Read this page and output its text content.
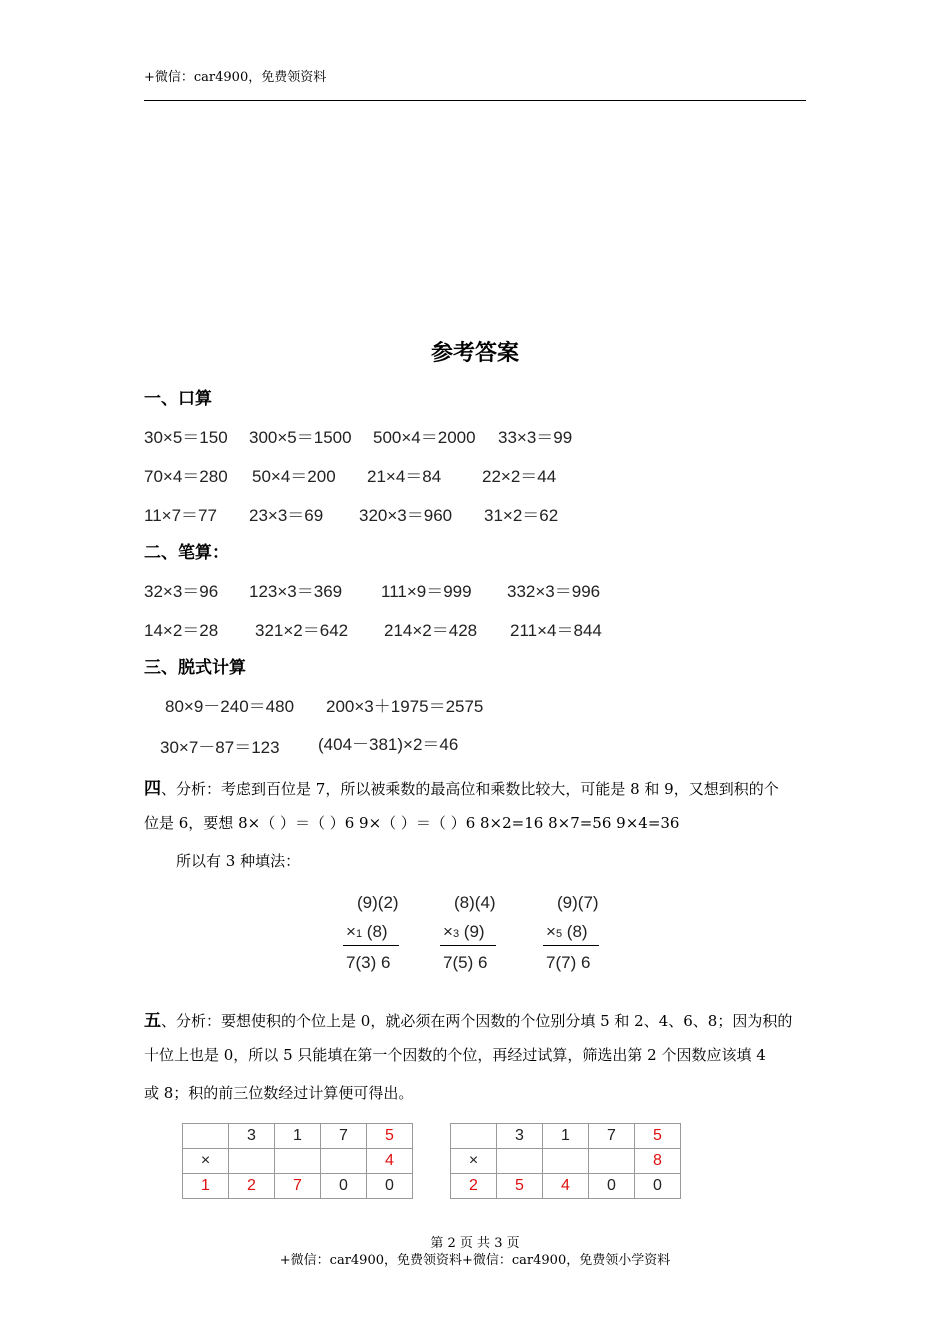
+微信：car4900，免费领资料
参考答案
一、口算
30×5＝150 300×5＝1500 500×4＝2000 33×3＝99
70×4＝280 50×4＝200 21×4＝84 22×2＝44
11×7＝77 23×3＝69 320×3＝960 31×2＝62
二、笔算：
32×3＝96 123×3＝369 111×9＝999 332×3＝996
14×2＝28 321×2＝642 214×2＝428 211×4＝844
三、脱式计算
80×9－240＝480 200×3＋1975＝2575
30×7－87＝123 (404－381)×2＝46
四、分析：考虑到百位是 7，所以被乘数的最高位和乘数比较大，可能是 8 和 9，又想到积的个
位是 6，要想 8×（ ）＝（ ）6 9×（ ）＝（ ）6 8×2=16 8×7=56 9×4=36
所以有 3 种填法：
(9)(2)
×1 (8)
7(3) 6
(8)(4)
×3 (9)
7(5) 6
(9)(7)
×5 (8)
7(7) 6
五、分析：要想使积的个位上是 0，就必须在两个因数的个位别分填 5 和 2、4、6、8；因为积的
十位上也是 0，所以 5 只能填在第一个因数的个位，再经过试算，筛选出第 2 个因数应该填 4
或 8；积的前三位数经过计算便可得出。
	3	1	7	5
×				4
1	2	7	0	0
	3	1	7	5
×				8
2	5	4	0	0
第 2 页 共 3 页
+微信：car4900，免费领资料+微信：car4900，免费领小学资料
